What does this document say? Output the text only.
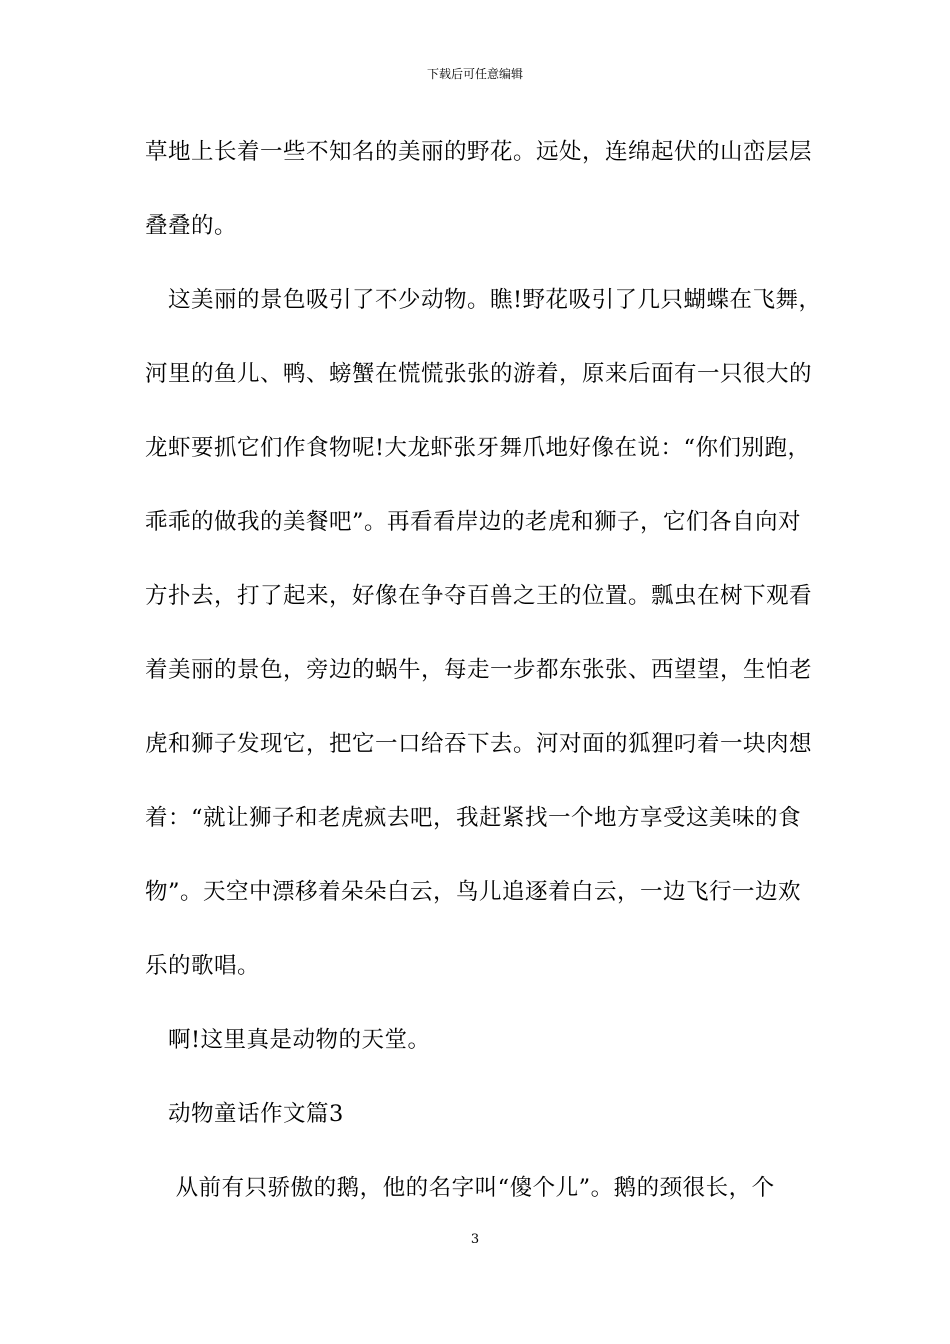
下载后可任意编辑
草地上长着一些不知名的美丽的野花。远处，连绵起伏的山峦层层
叠叠的。
　这美丽的景色吸引了不少动物。瞧!野花吸引了几只蝴蝶在飞舞，
河里的鱼儿、鸭、螃蟹在慌慌张张的游着，原来后面有一只很大的
龙虾要抓它们作食物呢!大龙虾张牙舞爪地好像在说：“你们别跑，
乖乖的做我的美餐吧”。再看看岸边的老虎和狮子，它们各自向对
方扑去，打了起来，好像在争夺百兽之王的位置。瓢虫在树下观看
着美丽的景色，旁边的蜗牛，每走一步都东张张、西望望，生怕老
虎和狮子发现它，把它一口给吞下去。河对面的狐狸叼着一块肉想
着：“就让狮子和老虎疯去吧，我赶紧找一个地方享受这美味的食
物”。天空中漂移着朵朵白云，鸟儿追逐着白云，一边飞行一边欢
乐的歌唱。
　啊!这里真是动物的天堂。
　动物童话作文篇3
　 从前有只骄傲的鹅，他的名字叫“傻个儿”。鹅的颈很长，个
3
